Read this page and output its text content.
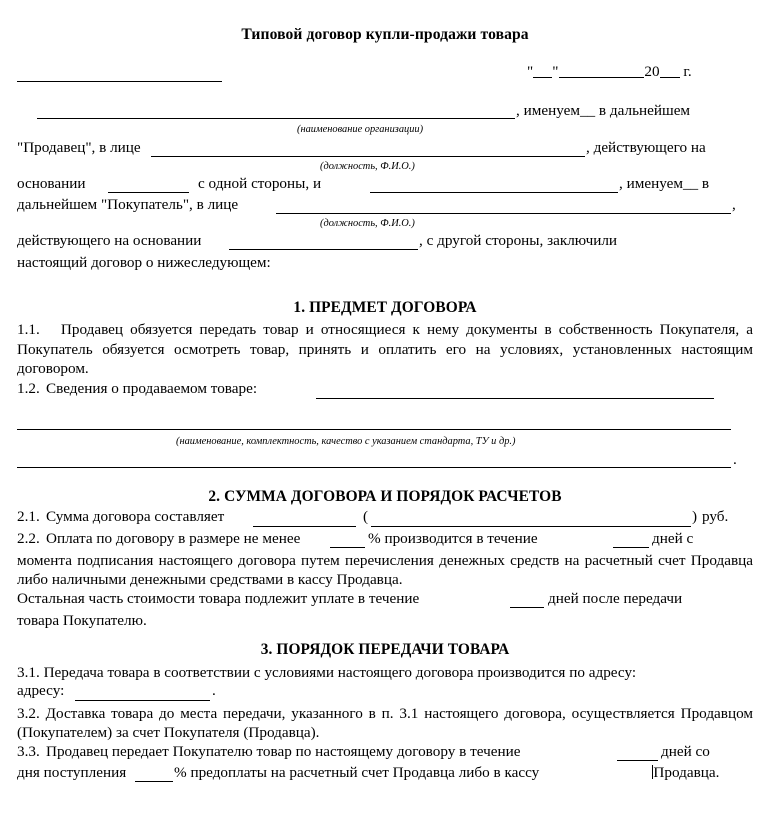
Типовой договор купли-продажи товара
" "	20 г.
, именуем__ в дальнейшем
(наименование организации)
"Продавец", в лице	, действующего на
(должность, Ф.И.О.)
основании	с одной стороны, и	, именуем__ в
дальнейшем "Покупатель", в лице	,
(должность, Ф.И.О.)
действующего на основании	, с другой стороны, заключили
настоящий договор о нижеследующем:
1. ПРЕДМЕТ ДОГОВОРА
1.1. Продавец обязуется передать товар и относящиеся к нему документы в собственность Покупателя, а Покупатель обязуется осмотреть товар, принять и оплатить его на условиях, установленных настоящим договором.
1.2. Сведения о продаваемом товаре:
(наименование, комплектность, качество с указанием стандарта, ТУ и др.)
.
2. СУММА ДОГОВОРА И ПОРЯДОК РАСЧЕТОВ
2.1. Сумма договора составляет	(	) руб.
2.2. Оплата по договору в размере не менее	% производится в течение	дней с
момента подписания настоящего договора путем перечисления денежных средств на расчетный счет Продавца либо наличными денежными средствами в кассу Продавца.
Остальная часть стоимости товара подлежит уплате в течение	дней после передачи
товара Покупателю.
3. ПОРЯДОК ПЕРЕДАЧИ ТОВАРА
3.1. Передача товара в соответствии с условиями настоящего договора производится по адресу:
адресу:	.
3.2. Доставка товара до места передачи, указанного в п. 3.1 настоящего договора, осуществляется Продавцом (Покупателем) за счет Покупателя (Продавца).
3.3. Продавец передает Покупателю товар по настоящему договору в течение	дней со
дня поступления	% предоплаты на расчетный счет Продавца либо в кассу	Продавца.
